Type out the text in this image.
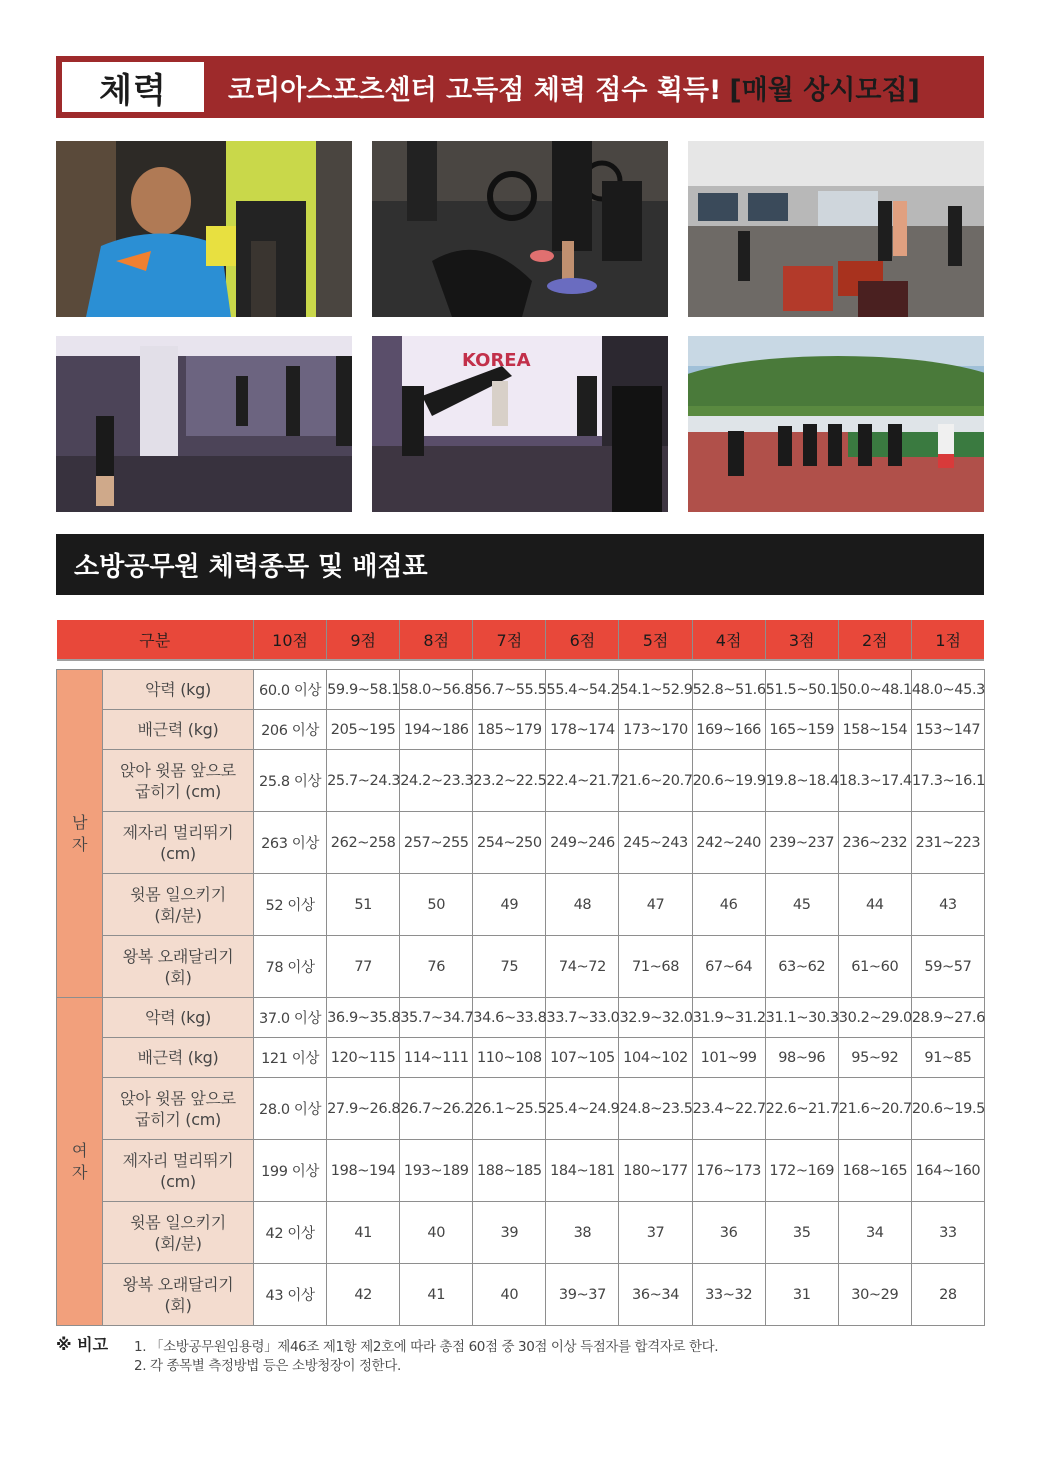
체력 코리아스포츠센터 고득점 체력 점수 획득! [매월 상시모집]
KOREA
소방공무원 체력종목 및 배점표
구분		10점	9점	8점	7점	6점	5점	4점	3점	2점	1점

남
자	악력 (kg)	60.0 이상	59.9~58.1	58.0~56.8	56.7~55.5	55.4~54.2	54.1~52.9	52.8~51.6	51.5~50.1	50.0~48.1	48.0~45.3
	배근력 (kg)	206 이상	205~195	194~186	185~179	178~174	173~170	169~166	165~159	158~154	153~147
	앉아 윗몸 앞으로
굽히기 (cm)	25.8 이상	25.7~24.3	24.2~23.3	23.2~22.5	22.4~21.7	21.6~20.7	20.6~19.9	19.8~18.4	18.3~17.4	17.3~16.1
	제자리 멀리뛰기
(cm)	263 이상	262~258	257~255	254~250	249~246	245~243	242~240	239~237	236~232	231~223
	윗몸 일으키기
(회/분)	52 이상	51	50	49	48	47	46	45	44	43
	왕복 오래달리기
(회)	78 이상	77	76	75	74~72	71~68	67~64	63~62	61~60	59~57

여
자	악력 (kg)	37.0 이상	36.9~35.8	35.7~34.7	34.6~33.8	33.7~33.0	32.9~32.0	31.9~31.2	31.1~30.3	30.2~29.0	28.9~27.6
	배근력 (kg)	121 이상	120~115	114~111	110~108	107~105	104~102	101~99	98~96	95~92	91~85
	앉아 윗몸 앞으로
굽히기 (cm)	28.0 이상	27.9~26.8	26.7~26.2	26.1~25.5	25.4~24.9	24.8~23.5	23.4~22.7	22.6~21.7	21.6~20.7	20.6~19.5
	제자리 멀리뛰기
(cm)	199 이상	198~194	193~189	188~185	184~181	180~177	176~173	172~169	168~165	164~160
	윗몸 일으키기
(회/분)	42 이상	41	40	39	38	37	36	35	34	33
	왕복 오래달리기
(회)	43 이상	42	41	40	39~37	36~34	33~32	31	30~29	28
※ 비고 1. 「소방공무원임용령」제46조 제1항 제2호에 따라 총점 60점 중 30점 이상 득점자를 합격자로 한다.
2. 각 종목별 측정방법 등은 소방청장이 정한다.
